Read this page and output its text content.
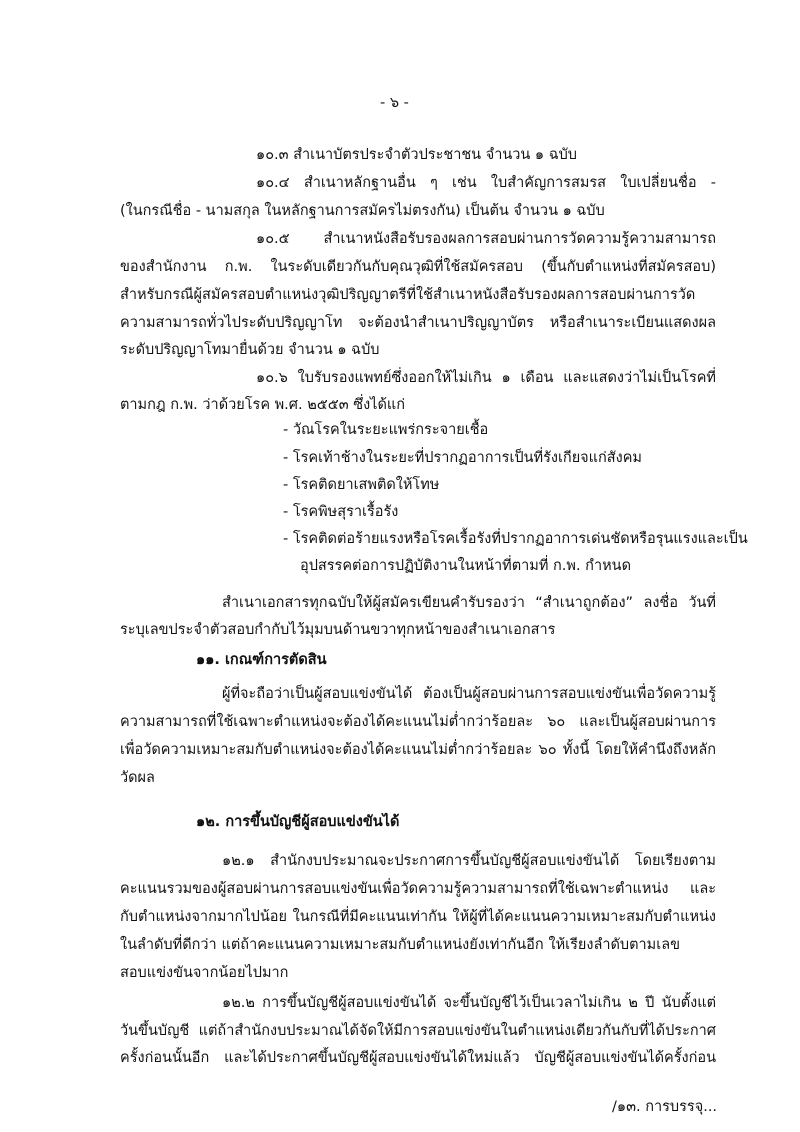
- ๖ -
๑๐.๓ สำเนาบัตรประจำตัวประชาชน จำนวน ๑ ฉบับ
๑๐.๔ สำเนาหลักฐานอื่น ๆ เช่น ใบสำคัญการสมรส ใบเปลี่ยนชื่อ -
(ในกรณีชื่อ - นามสกุล ในหลักฐานการสมัครไม่ตรงกัน) เป็นต้น จำนวน ๑ ฉบับ
๑๐.๕ สำเนาหนังสือรับรองผลการสอบผ่านการวัดความรู้ความสามารถ
ของสำนักงาน ก.พ. ในระดับเดียวกันกับคุณวุฒิที่ใช้สมัครสอบ (ขึ้นกับตำแหน่งที่สมัครสอบ)
สำหรับกรณีผู้สมัครสอบตำแหน่งวุฒิปริญญาตรีที่ใช้สำเนาหนังสือรับรองผลการสอบผ่านการวัด
ความสามารถทั่วไประดับปริญญาโท จะต้องนำสำเนาปริญญาบัตร หรือสำเนาระเบียนแสดงผล
ระดับปริญญาโทมายื่นด้วย จำนวน ๑ ฉบับ
๑๐.๖ ใบรับรองแพทย์ซึ่งออกให้ไม่เกิน ๑ เดือน และแสดงว่าไม่เป็นโรคที่
ตามกฎ ก.พ. ว่าด้วยโรค พ.ศ. ๒๕๕๓ ซึ่งได้แก่
- วัณโรคในระยะแพร่กระจายเชื้อ
- โรคเท้าช้างในระยะที่ปรากฏอาการเป็นที่รังเกียจแก่สังคม
- โรคติดยาเสพติดให้โทษ
- โรคพิษสุราเรื้อรัง
- โรคติดต่อร้ายแรงหรือโรคเรื้อรังที่ปรากฏอาการเด่นชัดหรือรุนแรงและเป็น
อุปสรรคต่อการปฏิบัติงานในหน้าที่ตามที่ ก.พ. กำหนด
สำเนาเอกสารทุกฉบับให้ผู้สมัครเขียนคำรับรองว่า “สำเนาถูกต้อง” ลงชื่อ วันที่
ระบุเลขประจำตัวสอบกำกับไว้มุมบนด้านขวาทุกหน้าของสำเนาเอกสาร
๑๑. เกณฑ์การตัดสิน
ผู้ที่จะถือว่าเป็นผู้สอบแข่งขันได้ ต้องเป็นผู้สอบผ่านการสอบแข่งขันเพื่อวัดความรู้
ความสามารถที่ใช้เฉพาะตำแหน่งจะต้องได้คะแนนไม่ต่ำกว่าร้อยละ ๖๐ และเป็นผู้สอบผ่านการ
เพื่อวัดความเหมาะสมกับตำแหน่งจะต้องได้คะแนนไม่ต่ำกว่าร้อยละ ๖๐ ทั้งนี้ โดยให้คำนึงถึงหลัก
วัดผล
๑๒. การขึ้นบัญชีผู้สอบแข่งขันได้
๑๒.๑ สำนักงบประมาณจะประกาศการขึ้นบัญชีผู้สอบแข่งขันได้ โดยเรียงตาม
คะแนนรวมของผู้สอบผ่านการสอบแข่งขันเพื่อวัดความรู้ความสามารถที่ใช้เฉพาะตำแหน่ง และ
กับตำแหน่งจากมากไปน้อย ในกรณีที่มีคะแนนเท่ากัน ให้ผู้ที่ได้คะแนนความเหมาะสมกับตำแหน่ง
ในลำดับที่ดีกว่า แต่ถ้าคะแนนความเหมาะสมกับตำแหน่งยังเท่ากันอีก ให้เรียงลำดับตามเลข
สอบแข่งขันจากน้อยไปมาก
๑๒.๒ การขึ้นบัญชีผู้สอบแข่งขันได้ จะขึ้นบัญชีไว้เป็นเวลาไม่เกิน ๒ ปี นับตั้งแต่
วันขึ้นบัญชี แต่ถ้าสำนักงบประมาณได้จัดให้มีการสอบแข่งขันในตำแหน่งเดียวกันกับที่ได้ประกาศ
ครั้งก่อนนั้นอีก และได้ประกาศขึ้นบัญชีผู้สอบแข่งขันได้ใหม่แล้ว บัญชีผู้สอบแข่งขันได้ครั้งก่อน
/๑๓. การบรรจุ...
